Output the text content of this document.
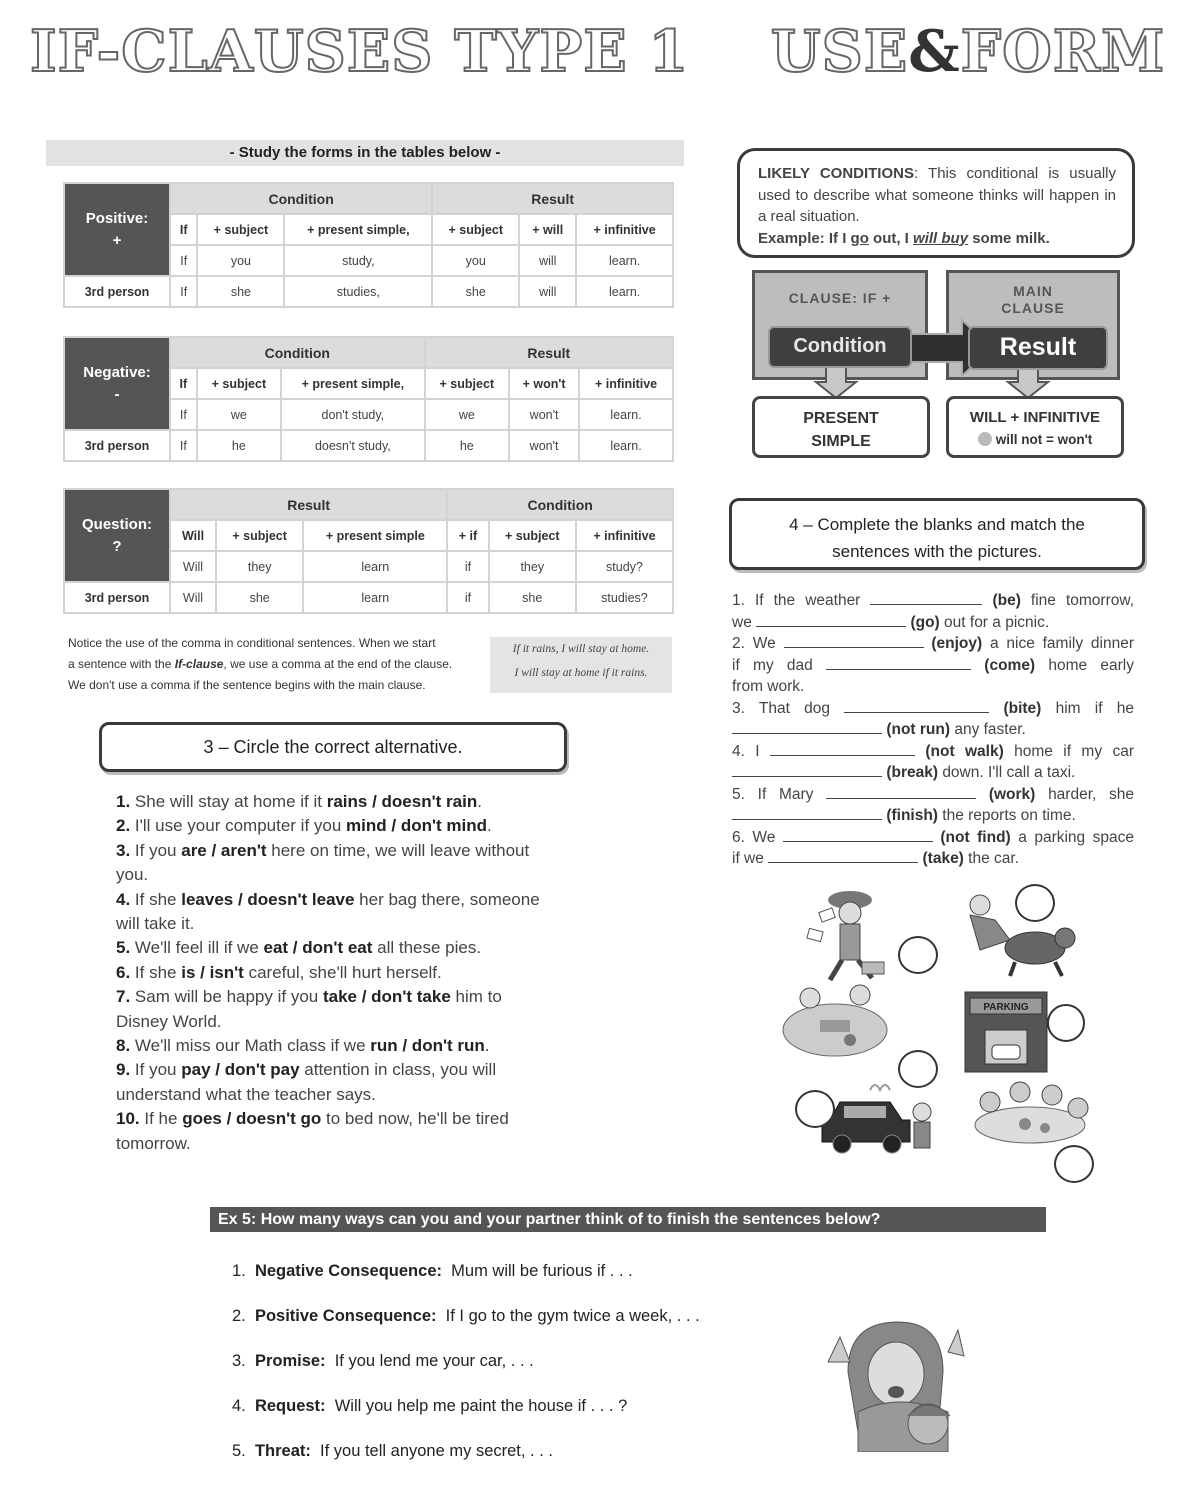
IF-CLAUSES TYPE 1 USE&FORM
- Study the forms in the tables below -
Positive:
+	Condition			Result		
	If	+ subject	+ present simple,	+ subject	+ will	+ infinitive
	If	you	study,	you	will	learn.
3rd person	If	she	studies,	she	will	learn.
Negative:
-	Condition			Result		
	If	+ subject	+ present simple,	+ subject	+ won't	+ infinitive
	If	we	don't study,	we	won't	learn.
3rd person	If	he	doesn't study,	he	won't	learn.
Question:
?	Result			Condition		
	Will	+ subject	+ present simple	+ if	+ subject	+ infinitive
	Will	they	learn	if	they	study?
3rd person	Will	she	learn	if	she	studies?
Notice the use of the comma in conditional sentences. When we start
a sentence with the If-clause, we use a comma at the end of the clause.
We don't use a comma if the sentence begins with the main clause.
If it rains, I will stay at home.
I will stay at home if it rains.
3 – Circle the correct alternative.
1. She will stay at home if it rains / doesn't rain.
2. I'll use your computer if you mind / don't mind.
3. If you are / aren't here on time, we will leave without you.
4. If she leaves / doesn't leave her bag there, someone will take it.
5. We'll feel ill if we eat / don't eat all these pies.
6. If she is / isn't careful, she'll hurt herself.
7. Sam will be happy if you take / don't take him to Disney World.
8. We'll miss our Math class if we run / don't run.
9. If you pay / don't pay attention in class, you will understand what the teacher says.
10. If he goes / doesn't go to bed now, he'll be tired tomorrow.
LIKELY CONDITIONS: This conditional is usually used to describe what someone thinks will happen in a real situation.
Example: If I go out, I will buy some milk.
CLAUSE: IF +	MAIN
CLAUSE
Condition	Result
PRESENT
SIMPLE
WILL + INFINITIVE
will not = won't
4 – Complete the blanks and match the
sentences with the pictures.
1. If the weather	(be) fine tomorrow,
we	(go) out for a picnic.
2. We	(enjoy) a nice family dinner
if my dad	(come) home early
from work.
3. That dog	(bite) him if he
(not run) any faster.
4. I	(not walk) home if my car
(break) down. I'll call a taxi.
5. If Mary	(work) harder, she
(finish) the reports on time.
6. We	(not find) a parking space
if we	(take) the car.
PARKING
Ex 5: How many ways can you and your partner think of to finish the sentences below?
1. Negative Consequence: Mum will be furious if . . .
2. Positive Consequence: If I go to the gym twice a week, . . .
3. Promise: If you lend me your car, . . .
4. Request: Will you help me paint the house if . . . ?
5. Threat: If you tell anyone my secret, . . .
